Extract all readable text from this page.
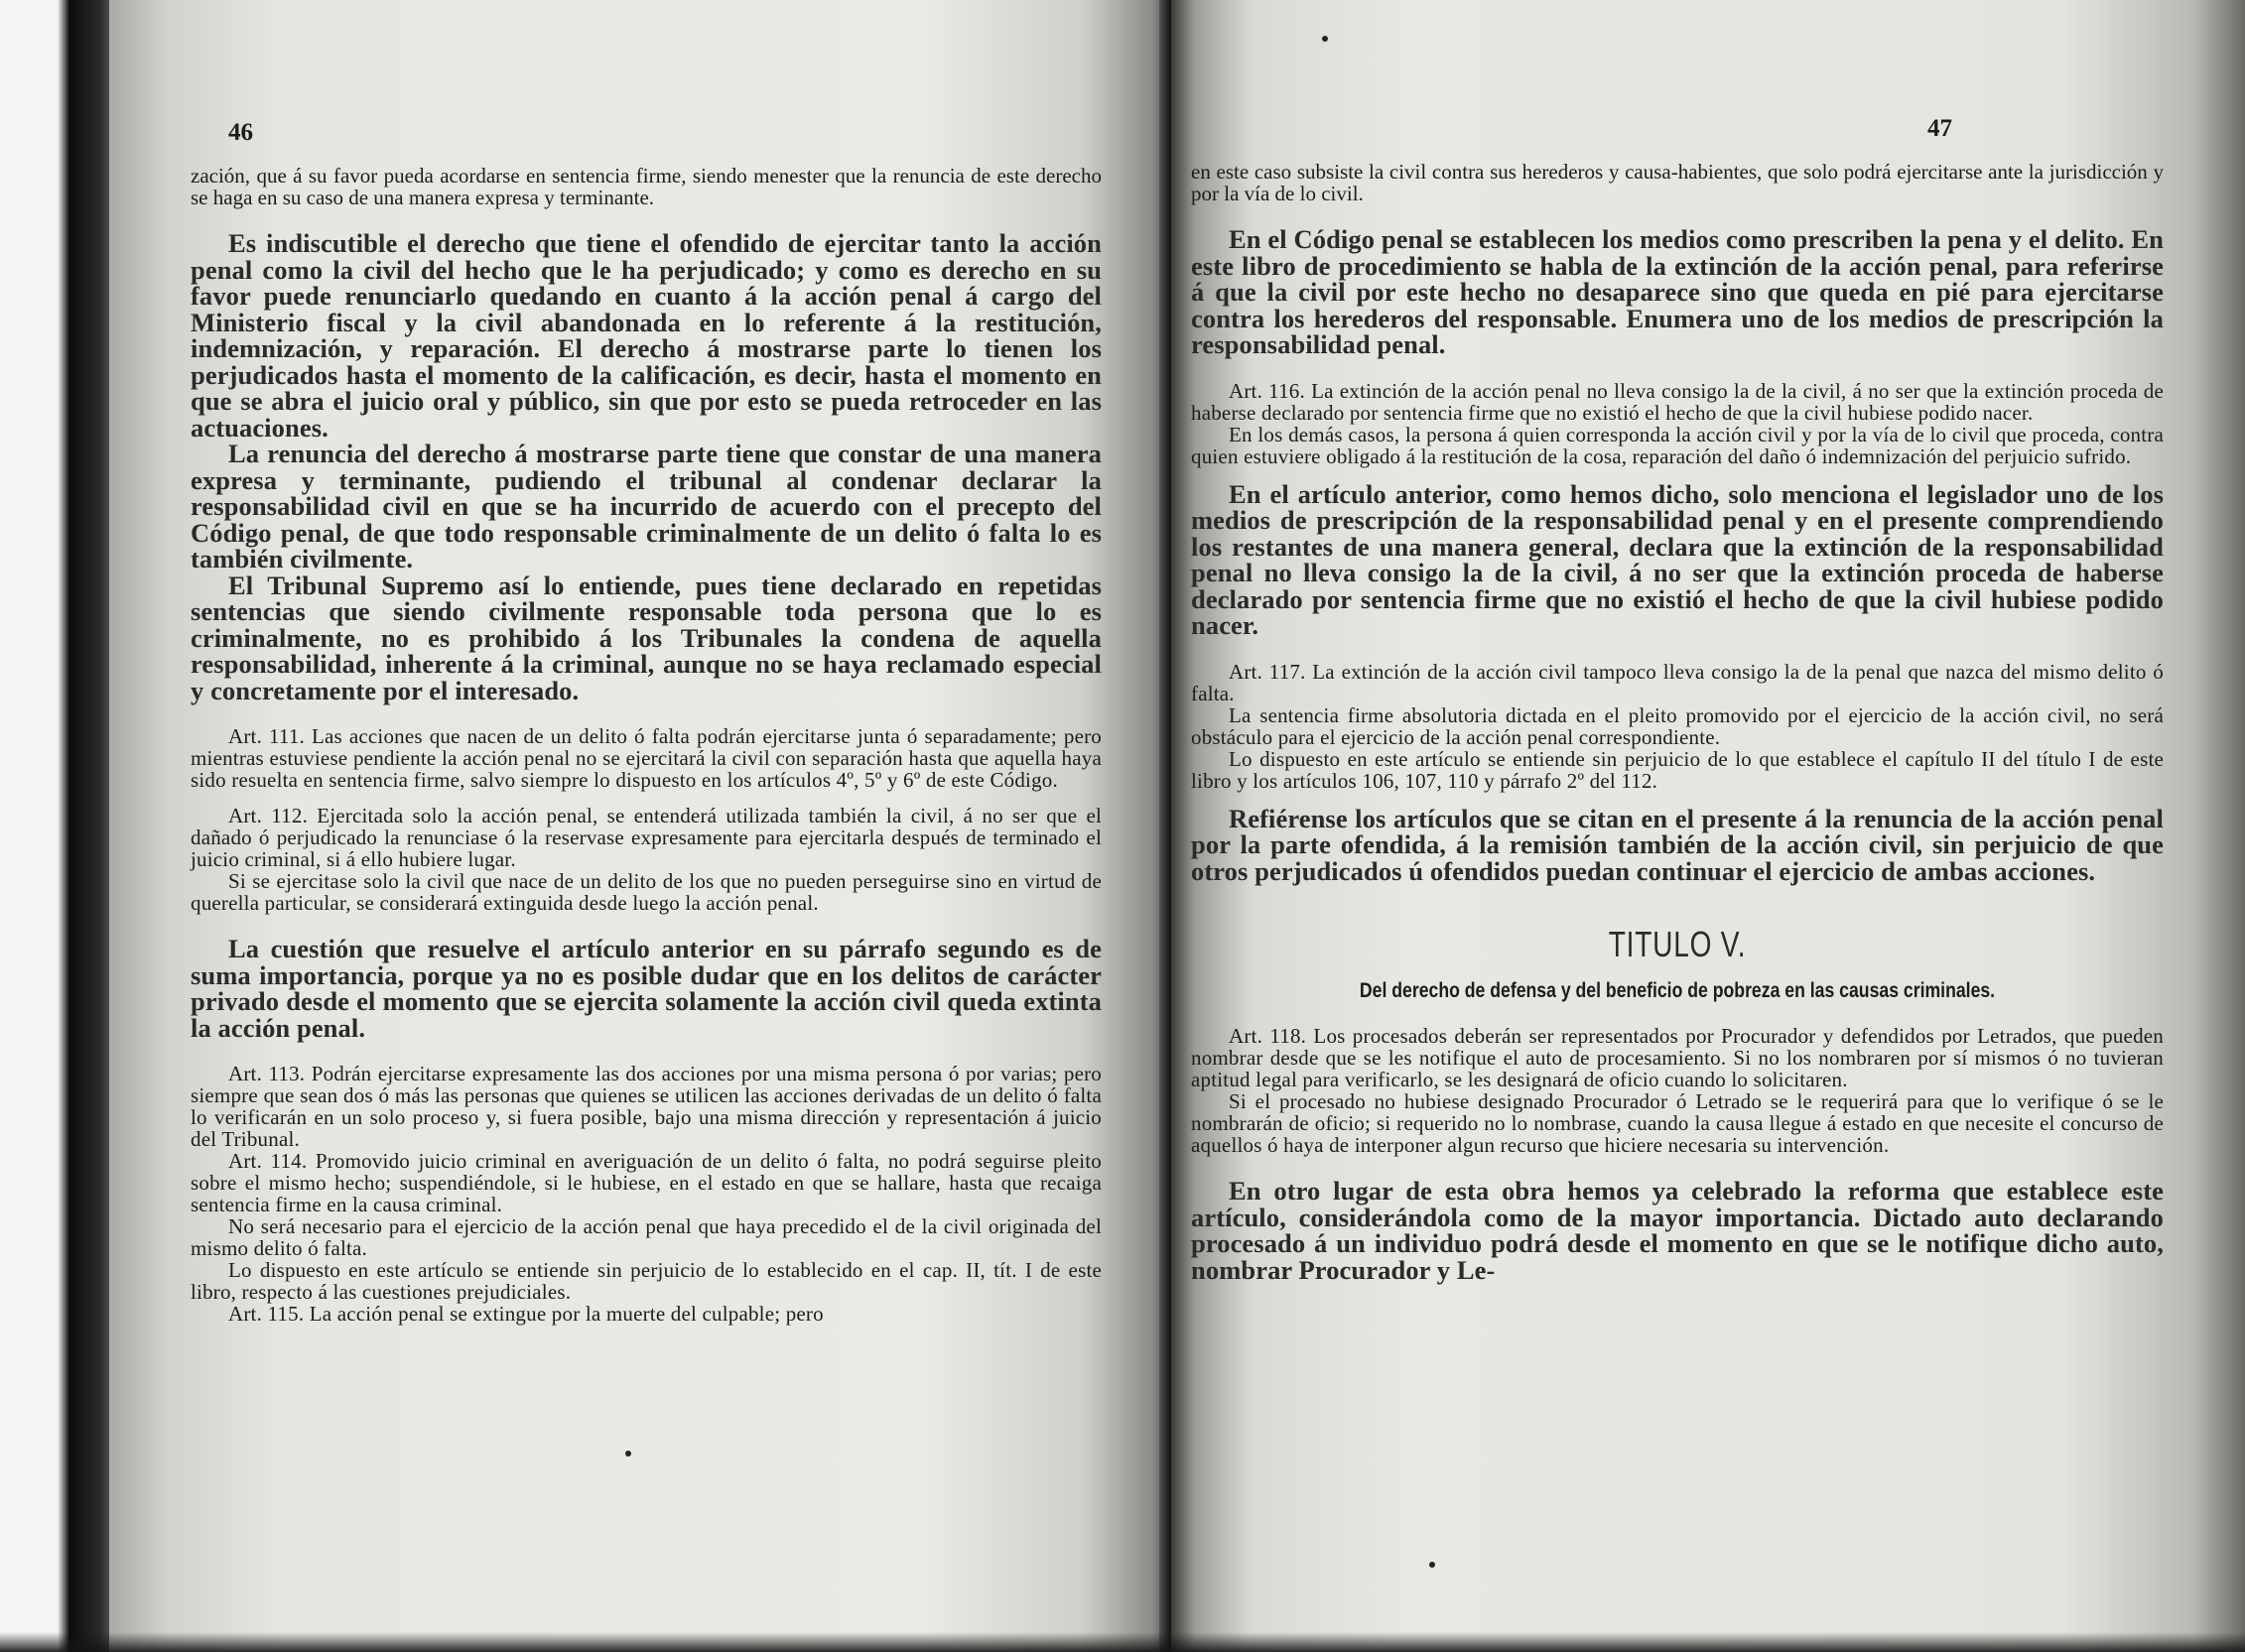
46

zación, que á su favor pueda acordarse en sentencia firme, siendo menester que la renuncia de este derecho se haga en su caso de una manera expresa y terminante.

Es indiscutible el derecho que tiene el ofendido de ejercitar tanto la acción penal como la civil del hecho que le ha perjudicado; y como es derecho en su favor puede renunciarlo quedando en cuanto á la acción penal á cargo del Ministerio fiscal y la civil abandonada en lo referente á la restitución, indemnización, y reparación. El derecho á mostrarse parte lo tienen los perjudicados hasta el momento de la calificación, es decir, hasta el momento en que se abra el juicio oral y público, sin que por esto se pueda retroceder en las actuaciones.

La renuncia del derecho á mostrarse parte tiene que constar de una manera expresa y terminante, pudiendo el tribunal al condenar declarar la responsabilidad civil en que se ha incurrido de acuerdo con el precepto del Código penal, de que todo responsable criminalmente de un delito ó falta lo es también civilmente.

El Tribunal Supremo así lo entiende, pues tiene declarado en repetidas sentencias que siendo civilmente responsable toda persona que lo es criminalmente, no es prohibido á los Tribunales la condena de aquella responsabilidad, inherente á la criminal, aunque no se haya reclamado especial y concretamente por el interesado.

Art. 111. Las acciones que nacen de un delito ó falta podrán ejercitarse junta ó separadamente; pero mientras estuviese pendiente la acción penal no se ejercitará la civil con separación hasta que aquella haya sido resuelta en sentencia firme, salvo siempre lo dispuesto en los artículos 4º, 5º y 6º de este Código.

Art. 112. Ejercitada solo la acción penal, se entenderá utilizada también la civil, á no ser que el dañado ó perjudicado la renunciase ó la reservase expresamente para ejercitarla después de terminado el juicio criminal, si á ello hubiere lugar.

Si se ejercitase solo la civil que nace de un delito de los que no pueden perseguirse sino en virtud de querella particular, se considerará extinguida desde luego la acción penal.

La cuestión que resuelve el artículo anterior en su párrafo segundo es de suma importancia, porque ya no es posible dudar que en los delitos de carácter privado desde el momento que se ejercita solamente la acción civil queda extinta la acción penal.

Art. 113. Podrán ejercitarse expresamente las dos acciones por una misma persona ó por varias; pero siempre que sean dos ó más las personas que quienes se utilicen las acciones derivadas de un delito ó falta lo verificarán en un solo proceso y, si fuera posible, bajo una misma dirección y representación á juicio del Tribunal.

Art. 114. Promovido juicio criminal en averiguación de un delito ó falta, no podrá seguirse pleito sobre el mismo hecho; suspendiéndole, si le hubiese, en el estado en que se hallare, hasta que recaiga sentencia firme en la causa criminal.

No será necesario para el ejercicio de la acción penal que haya precedido el de la civil originada del mismo delito ó falta.

Lo dispuesto en este artículo se entiende sin perjuicio de lo establecido en el cap. II, tít. I de este libro, respecto á las cuestiones prejudiciales.

Art. 115. La acción penal se extingue por la muerte del culpable; pero

47

en este caso subsiste la civil contra sus herederos y causa-habientes, que solo podrá ejercitarse ante la jurisdicción y por la vía de lo civil.

En el Código penal se establecen los medios como prescriben la pena y el delito. En este libro de procedimiento se habla de la extinción de la acción penal, para referirse á que la civil por este hecho no desaparece sino que queda en pié para ejercitarse contra los herederos del responsable. Enumera uno de los medios de prescripción la responsabilidad penal.

Art. 116. La extinción de la acción penal no lleva consigo la de la civil, á no ser que la extinción proceda de haberse declarado por sentencia firme que no existió el hecho de que la civil hubiese podido nacer.

En los demás casos, la persona á quien corresponda la acción civil y por la vía de lo civil que proceda, contra quien estuviere obligado á la restitución de la cosa, reparación del daño ó indemnización del perjuicio sufrido.

En el artículo anterior, como hemos dicho, solo menciona el legislador uno de los medios de prescripción de la responsabilidad penal y en el presente comprendiendo los restantes de una manera general, declara que la extinción de la responsabilidad penal no lleva consigo la de la civil, á no ser que la extinción proceda de haberse declarado por sentencia firme que no existió el hecho de que la civil hubiese podido nacer.

Art. 117. La extinción de la acción civil tampoco lleva consigo la de la penal que nazca del mismo delito ó falta.

La sentencia firme absolutoria dictada en el pleito promovido por el ejercicio de la acción civil, no será obstáculo para el ejercicio de la acción penal correspondiente.

Lo dispuesto en este artículo se entiende sin perjuicio de lo que establece el capítulo II del título I de este libro y los artículos 106, 107, 110 y párrafo 2º del 112.

Refiérense los artículos que se citan en el presente á la renuncia de la acción penal por la parte ofendida, á la remisión también de la acción civil, sin perjuicio de que otros perjudicados ú ofendidos puedan continuar el ejercicio de ambas acciones.

TITULO V.
Del derecho de defensa y del beneficio de pobreza en las causas criminales.

Art. 118. Los procesados deberán ser representados por Procurador y defendidos por Letrados, que pueden nombrar desde que se les notifique el auto de procesamiento. Si no los nombraren por sí mismos ó no tuvieran aptitud legal para verificarlo, se les designará de oficio cuando lo solicitaren.

Si el procesado no hubiese designado Procurador ó Letrado se le requerirá para que lo verifique ó se le nombrarán de oficio; si requerido no lo nombrase, cuando la causa llegue á estado en que necesite el concurso de aquellos ó haya de interponer algun recurso que hiciere necesaria su intervención.

En otro lugar de esta obra hemos ya celebrado la reforma que establece este artículo, considerándola como de la mayor importancia. Dictado auto declarando procesado á un individuo podrá desde el momento en que se le notifique dicho auto, nombrar Procurador y Le-
